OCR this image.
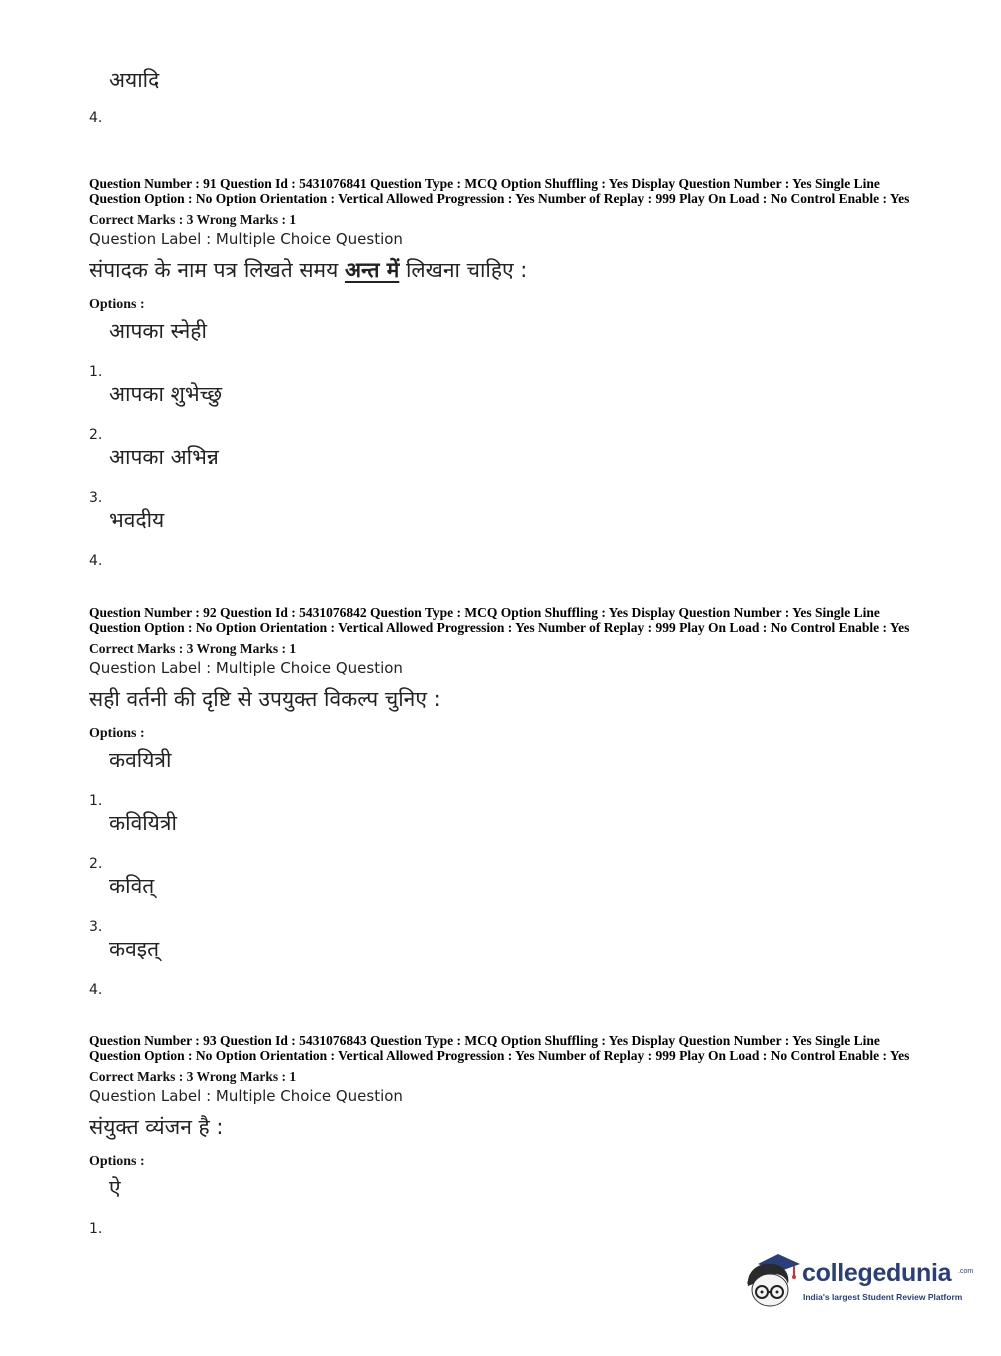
4.
अयादि
Question Number : 91 Question Id : 5431076841 Question Type : MCQ Option Shuffling : Yes Display Question Number : Yes Single Line Question Option : No Option Orientation : Vertical Allowed Progression : Yes Number of Replay : 999 Play On Load : No Control Enable : Yes
Correct Marks : 3 Wrong Marks : 1
Question Label : Multiple Choice Question
संपादक के नाम पत्र लिखते समय अन्त में लिखना चाहिए :
Options :
1.
आपका स्नेही
2.
आपका शुभेच्छु
3.
आपका अभिन्न
4.
भवदीय
Question Number : 92 Question Id : 5431076842 Question Type : MCQ Option Shuffling : Yes Display Question Number : Yes Single Line Question Option : No Option Orientation : Vertical Allowed Progression : Yes Number of Replay : 999 Play On Load : No Control Enable : Yes
Correct Marks : 3 Wrong Marks : 1
Question Label : Multiple Choice Question
सही वर्तनी की दृष्टि से उपयुक्त विकल्प चुनिए :
Options :
1.
कवयित्री
2.
कवियित्री
3.
कवित्
4.
कवइत्
Question Number : 93 Question Id : 5431076843 Question Type : MCQ Option Shuffling : Yes Display Question Number : Yes Single Line Question Option : No Option Orientation : Vertical Allowed Progression : Yes Number of Replay : 999 Play On Load : No Control Enable : Yes
Correct Marks : 3 Wrong Marks : 1
Question Label : Multiple Choice Question
संयुक्त व्यंजन है :
Options :
1.
ऐ
collegedunia .com
India's largest Student Review Platform
